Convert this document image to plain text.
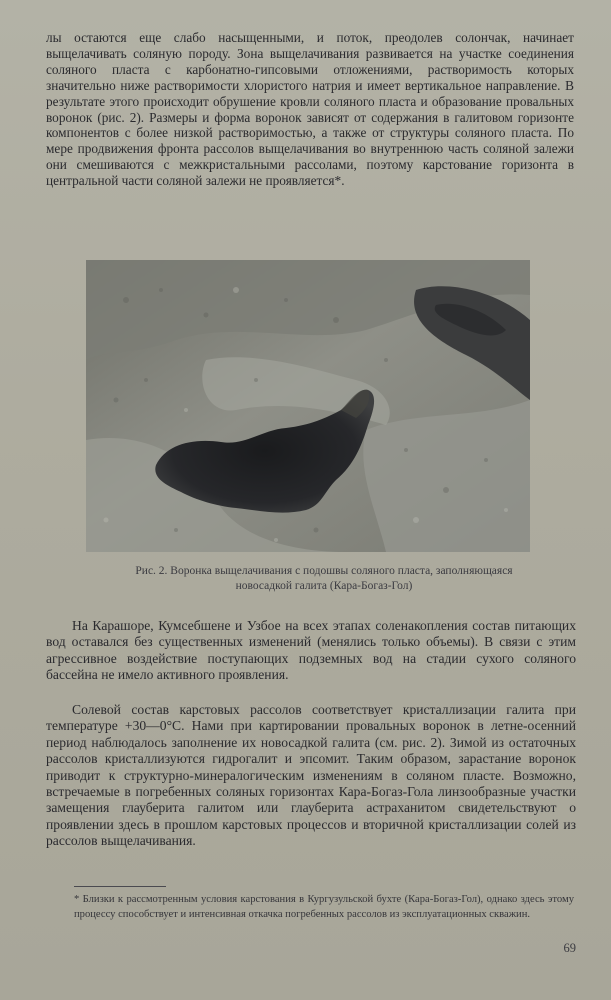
лы остаются еще слабо насыщенными, и поток, преодолев солончак, начинает выщелачивать соляную породу. Зона выщелачивания развивается на участке соединения соляного пласта с карбонатно-гипсовыми отложениями, растворимость которых значительно ниже растворимости хлористого натрия и имеет вертикальное направление. В результате этого происходит обрушение кровли соляного пласта и образование провальных воронок (рис. 2). Размеры и форма воронок зависят от содержания в галитовом горизонте компонентов с более низкой растворимостью, а также от структуры соляного пласта. По мере продвижения фронта рассолов выщелачивания во внутреннюю часть соляной залежи они смешиваются с межкристальными рассолами, поэтому карстование горизонта в центральной части соляной залежи не проявляется*.

Рис. 2. Воронка выщелачивания с подошвы соляного пласта, заполняющаяся
новосадкой галита (Кара-Богаз-Гол)

На Карашоре, Кумсебшене и Узбое на всех этапах соленакопления состав питающих вод оставался без существенных изменений (менялись только объемы). В связи с этим агрессивное воздействие поступающих подземных вод на стадии сухого соляного бассейна не имело активного проявления.

Солевой состав карстовых рассолов соответствует кристаллизации галита при температуре +30—0°С. Нами при картировании провальных воронок в летне-осенний период наблюдалось заполнение их новосадкой галита (см. рис. 2). Зимой из остаточных рассолов кристаллизуются гидрогалит и эпсомит. Таким образом, зарастание воронок приводит к структурно-минералогическим изменениям в соляном пласте. Возможно, встречаемые в погребенных соляных горизонтах Кара-Богаз-Гола линзообразные участки замещения глауберита галитом или глауберита астраханитом свидетельствуют о проявлении здесь в прошлом карстовых процессов и вторичной кристаллизации солей из рассолов выщелачивания.

* Близки к рассмотренным условия карстования в Кургузульской бухте (Кара-Богаз-Гол), однако здесь этому процессу способствует и интенсивная откачка погребенных рассолов из эксплуатационных скважин.

69
